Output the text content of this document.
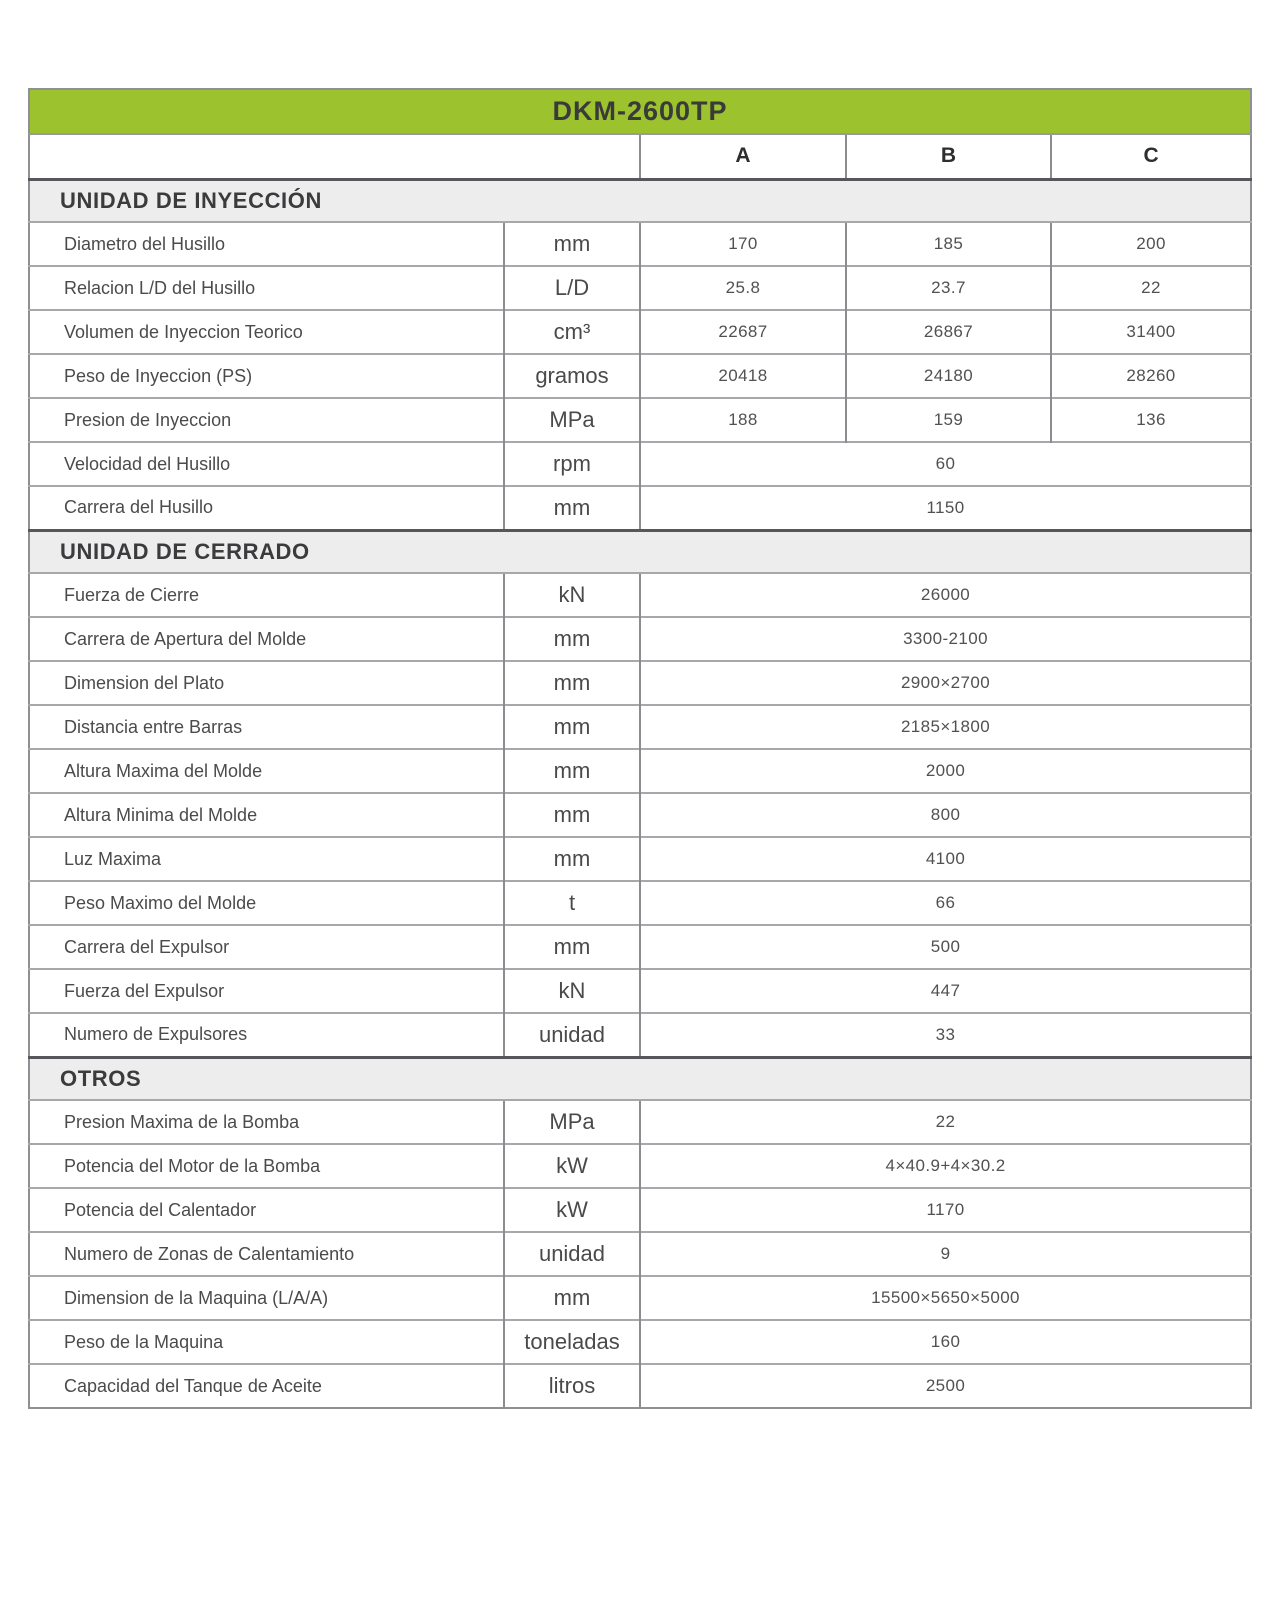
DKM-2600TP				
		A	B	C
UNIDAD DE INYECCIÓN				
Diametro del Husillo	mm	170	185	200
Relacion L/D del Husillo	L/D	25.8	23.7	22
Volumen de Inyeccion Teorico	cm³	22687	26867	31400
Peso de Inyeccion (PS)	gramos	20418	24180	28260
Presion de Inyeccion	MPa	188	159	136
Velocidad del Husillo	rpm	60		
Carrera del Husillo	mm	1150		
UNIDAD DE CERRADO				
Fuerza de Cierre	kN	26000		
Carrera de Apertura del Molde	mm	3300-2100		
Dimension del Plato	mm	2900×2700		
Distancia entre Barras	mm	2185×1800		
Altura Maxima del Molde	mm	2000		
Altura Minima del Molde	mm	800		
Luz Maxima	mm	4100		
Peso Maximo del Molde	t	66		
Carrera del Expulsor	mm	500		
Fuerza del Expulsor	kN	447		
Numero de Expulsores	unidad	33		
OTROS				
Presion Maxima de la Bomba	MPa	22		
Potencia del Motor de la Bomba	kW	4×40.9+4×30.2		
Potencia del Calentador	kW	1170		
Numero de Zonas de Calentamiento	unidad	9		
Dimension de la Maquina (L/A/A)	mm	15500×5650×5000		
Peso de la Maquina	toneladas	160		
Capacidad del Tanque de Aceite	litros	2500		
